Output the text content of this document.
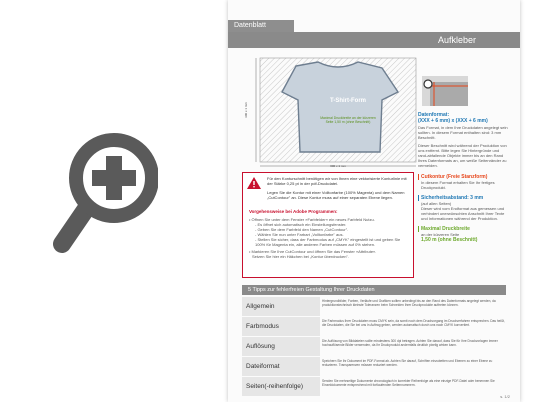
Datenblatt
Aufkleber
T-Shirt-Form
Maximal Druckbreite an der kürzeren Seite 1,50 m (ohne Beschnitt)
300 x 1 mm
300 x 1 mm	Datenformat:
(XXX + 6 mm) x (XXX + 6 mm)
Das Format, in dem Ihre Druckdaten angelegt sein sollten. In diesem Format enthalten sind: 3 mm Beschnitt.
Dieser Beschnitt wird während der Produktion von uns entfernt. Bitte legen Sie Hintergründe und rand-abfallende Objekte immer bis an den Rand Ihres Datenformats an, um weiße Seitenränder zu vermeiden.
Cutkontur (Freie Stanzform)
In diesem Format erhalten Sie Ihr fertiges Druckprodukt.
Sicherheitsabstand: 3 mm
(auf allen Seiten)
Dieser wird vom Endformat aus gemessen und verhindert unerwünschten Anschnitt Ihrer Texte und Informationen während der Produktion.
Maximal Druckbreite
an der kürzeren Seite
1,50 m (ohne Beschnitt)
Für den Konturschnitt benötigen wir von Ihnen eine vektorisierte Konturlinie mit der Stärke 0,25 pt in der pdf-Druckdatei.
Legen Sie die Kontur mit einer Volltonfarbe (100% Magenta) und dem Namen „CutContour" an. Diese Kontur muss auf einer separaten Ebene liegen.
Vorgehensweise bei Adobe Programmen:
• Öffnen Sie unter dem Fenster »Farbfelder« ein neues Farbfeld Nutzu.
- Es öffnet sich automatisch ein Einstellungsfenster.
- Geben Sie dem Farbfeld den Namen „CutContour".
- Wählen Sie nun unter Farbart „Volltonfarbe" aus.
- Stellen Sie sicher, dass der Farbmodus auf „CMYK" eingestellt ist und geben Sie 100% für Magenta ein, alle anderen Farben müssen auf 0% stehen.
• Markieren Sie Ihre CutContour und öffnen Sie das Fenster »Attribute«.
Setzen Sie hier ein Häkchen bei „Kontur überdrucken".
5 Tipps zur fehlerfreien Gestaltung Ihrer Druckdaten
Allgemein
Hintergrundbilder, Farben, Verläufe und Grafiken sollten unbedingt bis an den Rand des Datenformats angelegt werden, da produktionstechnisch kleinste Toleranzen beim Schneiden Ihrer Druckprodukte auftreten können.
Farbmodus
Die Farbmodus Ihrer Druckdaten muss CMYK sein, da somit noch dem Druckvorgang im Druckverfahren entsprechen. Das heißt, die Druckdaten, die Sie bei uns in Auftrag geben, werden automatisch durch uns nach CMYK konvertiert.
Auflösung
Die Auflösung von Bilddateien sollte mindestens 300 dpi betragen. Achten Sie darauf, dass Sie für Ihre Druckvorlagen immer hochauflösende Bilder verwenden, da Ihr Druckprodukt andernfalls deutlich pixelig wirken kann.
Dateiformat
Speichern Sie Ihr Dokument im PDF-Format ab. Achten Sie darauf, Schriften einzubetten und Ebenen zu einer Ebene zu reduzieren. Transparenzen müssen reduziert werden.
Seiten(-reihenfolge)
Senden Sie mehrseitige Dokumente chronologisch in korrekter Reihenfolge als eine einzige PDF-Datei oder benennen Sie Einzeldokumente entsprechend mit fortlaufenden Seitennummern.
s. 1/2
